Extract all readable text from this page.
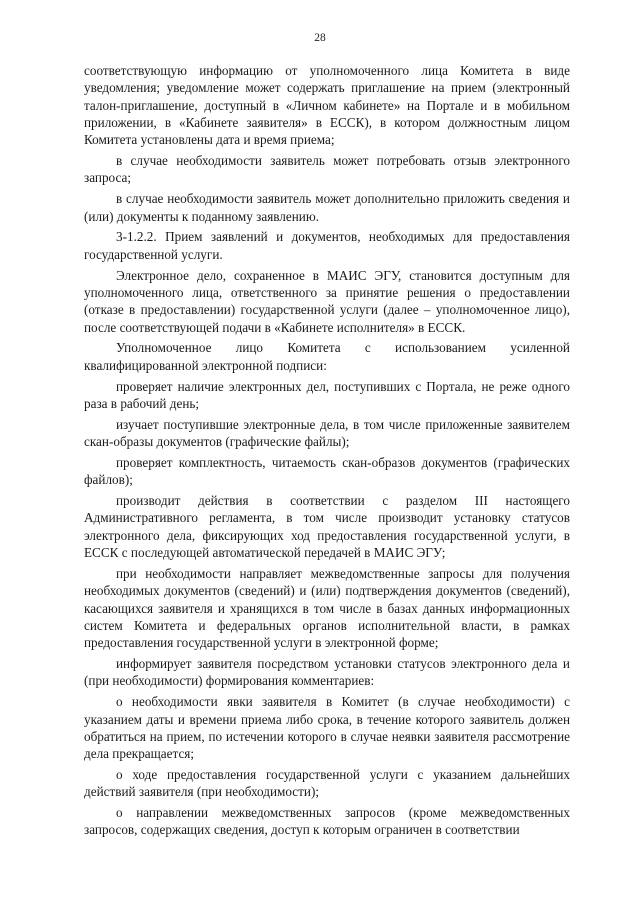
28

соответствующую информацию от уполномоченного лица Комитета в виде уведомления; уведомление может содержать приглашение на прием (электронный талон-приглашение, доступный в «Личном кабинете» на Портале и в мобильном приложении, в «Кабинете заявителя» в ЕССК), в котором должностным лицом Комитета установлены дата и время приема;

в случае необходимости заявитель может потребовать отзыв электронного запроса;

в случае необходимости заявитель может дополнительно приложить сведения и (или) документы к поданному заявлению.

3-1.2.2. Прием заявлений и документов, необходимых для предоставления государственной услуги.

Электронное дело, сохраненное в МАИС ЭГУ, становится доступным для уполномоченного лица, ответственного за принятие решения о предоставлении (отказе в предоставлении) государственной услуги (далее – уполномоченное лицо), после соответствующей подачи в «Кабинете исполнителя» в ЕССК.

Уполномоченное лицо Комитета с использованием усиленной квалифицированной электронной подписи:

проверяет наличие электронных дел, поступивших с Портала, не реже одного раза в рабочий день;

изучает поступившие электронные дела, в том числе приложенные заявителем скан-образы документов (графические файлы);

проверяет комплектность, читаемость скан-образов документов (графических файлов);

производит действия в соответствии с разделом III настоящего Административного регламента, в том числе производит установку статусов электронного дела, фиксирующих ход предоставления государственной услуги, в ЕССК с последующей автоматической передачей в МАИС ЭГУ;

при необходимости направляет межведомственные запросы для получения необходимых документов (сведений) и (или) подтверждения документов (сведений), касающихся заявителя и хранящихся в том числе в базах данных информационных систем Комитета и федеральных органов исполнительной власти, в рамках предоставления государственной услуги в электронной форме;

информирует заявителя посредством установки статусов электронного дела и (при необходимости) формирования комментариев:

о необходимости явки заявителя в Комитет (в случае необходимости) с указанием даты и времени приема либо срока, в течение которого заявитель должен обратиться на прием, по истечении которого в случае неявки заявителя рассмотрение дела прекращается;

о ходе предоставления государственной услуги с указанием дальнейших действий заявителя (при необходимости);

о направлении межведомственных запросов (кроме межведомственных запросов, содержащих сведения, доступ к которым ограничен в соответствии
